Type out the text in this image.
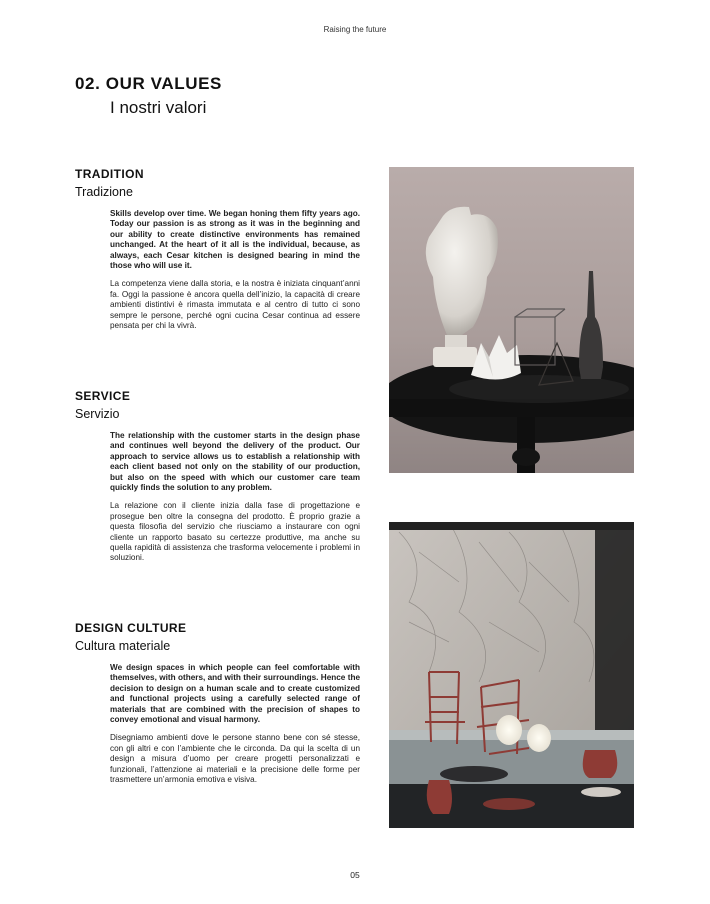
Raising the future
02. OUR VALUES
I nostri valori
TRADITION
Tradizione

Skills develop over time. We began honing them fifty years ago. Today our passion is as strong as it was in the beginning and our ability to create distinctive environments has remained unchanged. At the heart of it all is the individual, because, as always, each Cesar kitchen is designed bearing in mind the those who will use it.

La competenza viene dalla storia, e la nostra è iniziata cinquant’anni fa. Oggi la passione è ancora quella dell’inizio, la capacità di creare ambienti distintivi è rimasta immutata e al centro di tutto ci sono sempre le persone, perché ogni cucina Cesar continua ad essere pensata per chi la vivrà.

SERVICE
Servizio

The relationship with the customer starts in the design phase and continues well beyond the delivery of the product. Our approach to service allows us to establish a relationship with each client based not only on the stability of our production, but also on the speed with which our customer care team quickly finds the solution to any problem.

La relazione con il cliente inizia dalla fase di progettazione e prosegue ben oltre la consegna del prodotto. È proprio grazie a questa filosofia del servizio che riusciamo a instaurare con ogni cliente un rapporto basato su certezze produttive, ma anche su quella rapidità di assistenza che trasforma velocemente i problemi in soluzioni.

DESIGN CULTURE
Cultura materiale

We design spaces in which people can feel comfortable with themselves, with others, and with their surroundings. Hence the decision to design on a human scale and to create customized and functional projects using a carefully selected range of materials that are combined with the precision of shapes to convey emotional and visual harmony.

Disegniamo ambienti dove le persone stanno bene con sé stesse, con gli altri e con l’ambiente che le circonda. Da qui la scelta di un design a misura d’uomo per creare progetti personalizzati e funzionali, l’attenzione ai materiali e la precisione delle forme per trasmettere un’armonia emotiva e visiva.

05
